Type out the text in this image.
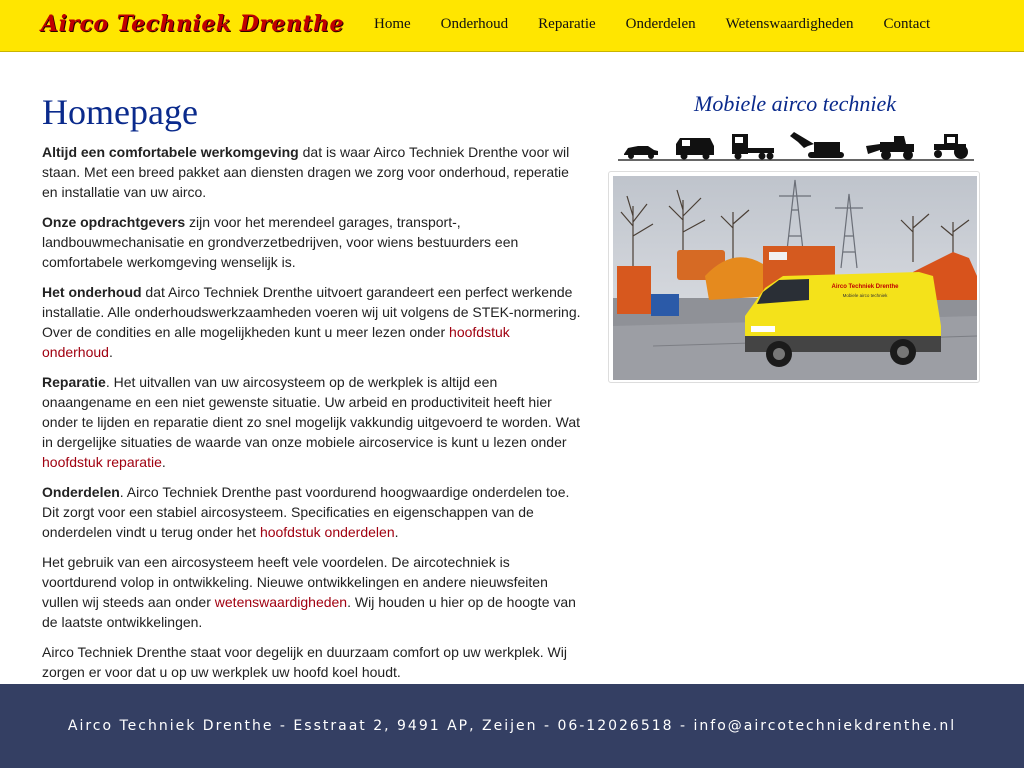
Airco Techniek Drenthe Home Onderhoud Reparatie Onderdelen Wetenswaardigheden Contact
Homepage

Altijd een comfortabele werkomgeving dat is waar Airco Techniek Drenthe voor wil staan. Met een breed pakket aan diensten dragen we zorg voor onderhoud, reperatie en installatie van uw airco.

Onze opdrachtgevers zijn voor het merendeel garages, transport-, landbouwmechanisatie en grondverzetbedrijven, voor wiens bestuurders een comfortabele werkomgeving wenselijk is.

Het onderhoud dat Airco Techniek Drenthe uitvoert garandeert een perfect werkende installatie. Alle onderhoudswerkzaamheden voeren wij uit volgens de STEK-normering. Over de condities en alle mogelijkheden kunt u meer lezen onder hoofdstuk onderhoud.

Reparatie. Het uitvallen van uw aircosysteem op de werkplek is altijd een onaangename en een niet gewenste situatie. Uw arbeid en productiviteit heeft hier onder te lijden en reparatie dient zo snel mogelijk vakkundig uitgevoerd te worden. Wat in dergelijke situaties de waarde van onze mobiele aircoservice is kunt u lezen onder hoofdstuk reparatie.

Onderdelen. Airco Techniek Drenthe past voordurend hoogwaardige onderdelen toe. Dit zorgt voor een stabiel aircosysteem. Specificaties en eigenschappen van de onderdelen vindt u terug onder het hoofdstuk onderdelen.

Het gebruik van een aircosysteem heeft vele voordelen. De aircotechniek is voortdurend volop in ontwikkeling. Nieuwe ontwikkelingen en andere nieuwsfeiten vullen wij steeds aan onder wetenswaardigheden. Wij houden u hier op de hoogte van de laatste ontwikkelingen.

Airco Techniek Drenthe staat voor degelijk en duurzaam comfort op uw werkplek. Wij zorgen er voor dat u op uw werkplek uw hoofd koel houdt.

Mobiele airco techniek
Airco Techniek Drenthe
Mobiele airco techniek
Airco Techniek Drenthe - Esstraat 2, 9491 AP, Zeijen - 06-12026518 - info@aircotechniekdrenthe.nl
